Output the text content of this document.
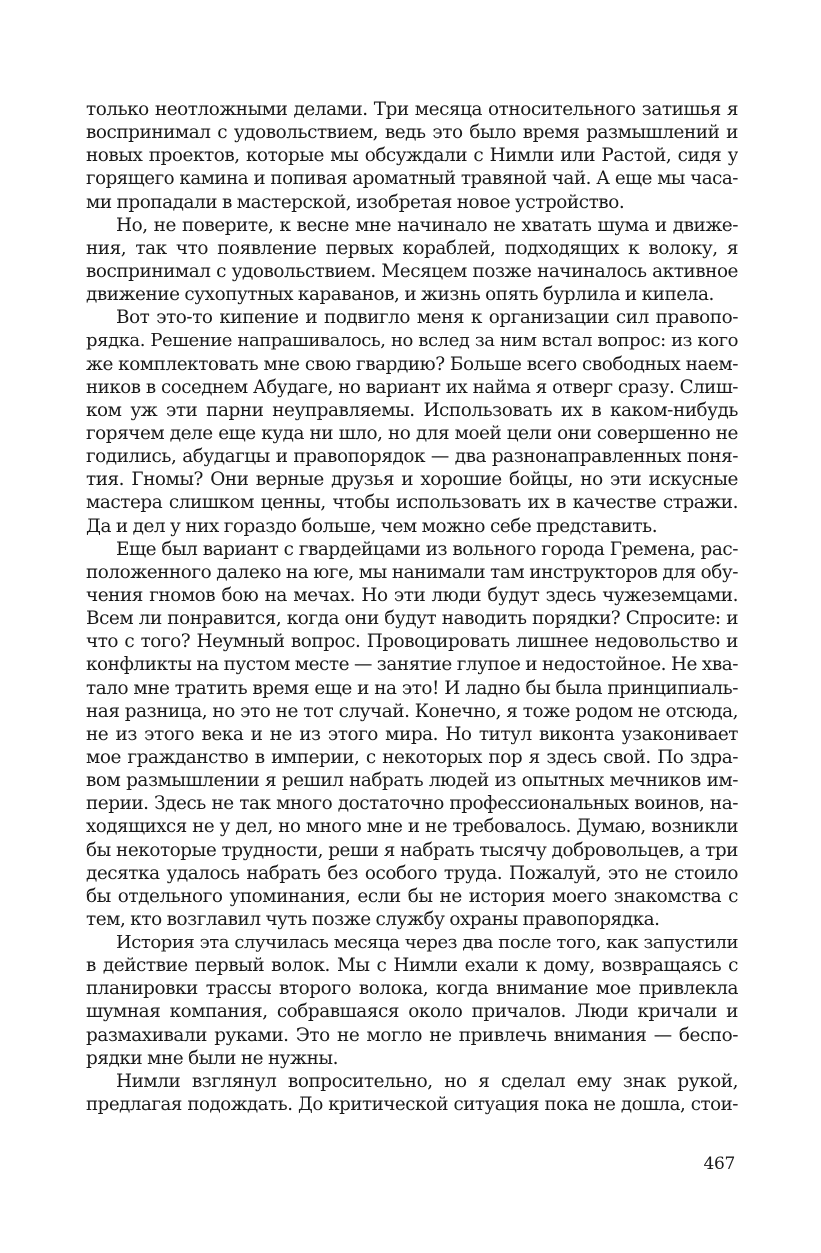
только неотложными делами. Три месяца относительного затишья я
воспринимал с удовольствием, ведь это было время размышлений и
новых проектов, которые мы обсуждали с Нимли или Растой, сидя у
горящего камина и попивая ароматный травяной чай. А еще мы часа-
ми пропадали в мастерской, изобретая новое устройство.
Но, не поверите, к весне мне начинало не хватать шума и движе-
ния, так что появление первых кораблей, подходящих к волоку, я
воспринимал с удовольствием. Месяцем позже начиналось активное
движение сухопутных караванов, и жизнь опять бурлила и кипела.
Вот это-то кипение и подвигло меня к организации сил правопо-
рядка. Решение напрашивалось, но вслед за ним встал вопрос: из кого
же комплектовать мне свою гвардию? Больше всего свободных наем-
ников в соседнем Абудаге, но вариант их найма я отверг сразу. Слиш-
ком уж эти парни неуправляемы. Использовать их в каком-нибудь
горячем деле еще куда ни шло, но для моей цели они совершенно не
годились, абудагцы и правопорядок — два разнонаправленных поня-
тия. Гномы? Они верные друзья и хорошие бойцы, но эти искусные
мастера слишком ценны, чтобы использовать их в качестве стражи.
Да и дел у них гораздо больше, чем можно себе представить.
Еще был вариант с гвардейцами из вольного города Гремена, рас-
положенного далеко на юге, мы нанимали там инструкторов для обу-
чения гномов бою на мечах. Но эти люди будут здесь чужеземцами.
Всем ли понравится, когда они будут наводить порядки? Спросите: и
что с того? Неумный вопрос. Провоцировать лишнее недовольство и
конфликты на пустом месте — занятие глупое и недостойное. Не хва-
тало мне тратить время еще и на это! И ладно бы была принципиаль-
ная разница, но это не тот случай. Конечно, я тоже родом не отсюда,
не из этого века и не из этого мира. Но титул виконта узаконивает
мое гражданство в империи, с некоторых пор я здесь свой. По здра-
вом размышлении я решил набрать людей из опытных мечников им-
перии. Здесь не так много достаточно профессиональных воинов, на-
ходящихся не у дел, но много мне и не требовалось. Думаю, возникли
бы некоторые трудности, реши я набрать тысячу добровольцев, а три
десятка удалось набрать без особого труда. Пожалуй, это не стоило
бы отдельного упоминания, если бы не история моего знакомства с
тем, кто возглавил чуть позже службу охраны правопорядка.
История эта случилась месяца через два после того, как запустили
в действие первый волок. Мы с Нимли ехали к дому, возвращаясь с
планировки трассы второго волока, когда внимание мое привлекла
шумная компания, собравшаяся около причалов. Люди кричали и
размахивали руками. Это не могло не привлечь внимания — беспо-
рядки мне были не нужны.
Нимли взглянул вопросительно, но я сделал ему знак рукой,
предлагая подождать. До критической ситуация пока не дошла, стои-
467
